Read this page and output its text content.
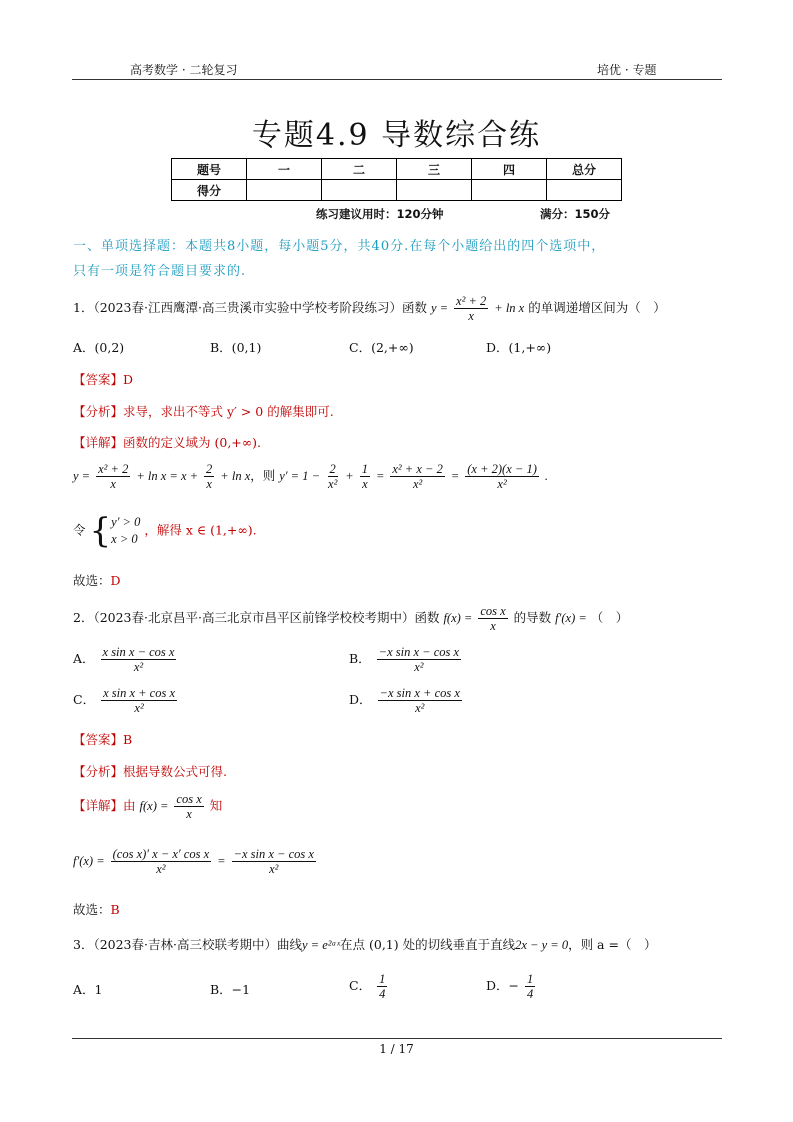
高考数学 · 二轮复习	培优 · 专题
专题4.9 导数综合练
题号	一	二	三	四	总分
得分					
练习建议用时：120分钟	满分：150分
一、单项选择题：本题共8小题，每小题5分，共40分.在每个小题给出的四个选项中，
只有一项是符合题目要求的.
1．（2023春·江西鹰潭·高三贵溪市实验中学校考阶段练习）函数 $y = \frac{\text{x² + 2}}{x} + \ln x$ 的单调递增区间为（　）
A．(0,2)	B．(0,1)	C．(2,+∞)	D．(1,+∞)
【答案】D
【分析】求导，求出不等式 y′ > 0 的解集即可.
【详解】函数的定义域为 (0,+∞).
$y = \frac{\text{x² + 2}}{x} + \ln x = x + \frac{2}{x} + \ln x$，则 $y' = 1 - \frac{2}{\text{x²}} + \frac{1}{x} = \frac{\text{x² + x − 2}}{\text{x²}} = \frac{(x + 2)(x - 1)}{\text{x²}}$ .
令 { y′ > 0
x > 0
，解得 x ∈ (1,+∞).
故选：D
2．（2023春·北京昌平·高三北京市昌平区前锋学校校考期中）函数 $f(x) = \frac{\text{cos x}}{x}$ 的导数 f′(x) = （　）
A． $\frac{\text{x sin x − cos x}}{\text{x²}}$	B． $\frac{\text{−x sin x − cos x}}{\text{x²}}$
C． $\frac{\text{x sin x + cos x}}{\text{x²}}$	D． $\frac{\text{−x sin x + cos x}}{\text{x²}}$
【答案】B
【分析】根据导数公式可得.
【详解】由 $f(x) = \frac{\text{cos x}}{x}$ 知
$f'(x) = \frac{\text{(cos x)′ x − x′ cos x}}{\text{x²}} = \frac{\text{−x sin x − cos x}}{\text{x²}}$
故选：B
3．（2023春·吉林·高三校联考期中）曲线y = e²ᵃˣ在点 (0,1) 处的切线垂直于直线2x − y = 0，则 a =（　）
A．1	B．−1	C． $\frac{1}{4}$	D．− $\frac{1}{4}$
1 / 17
